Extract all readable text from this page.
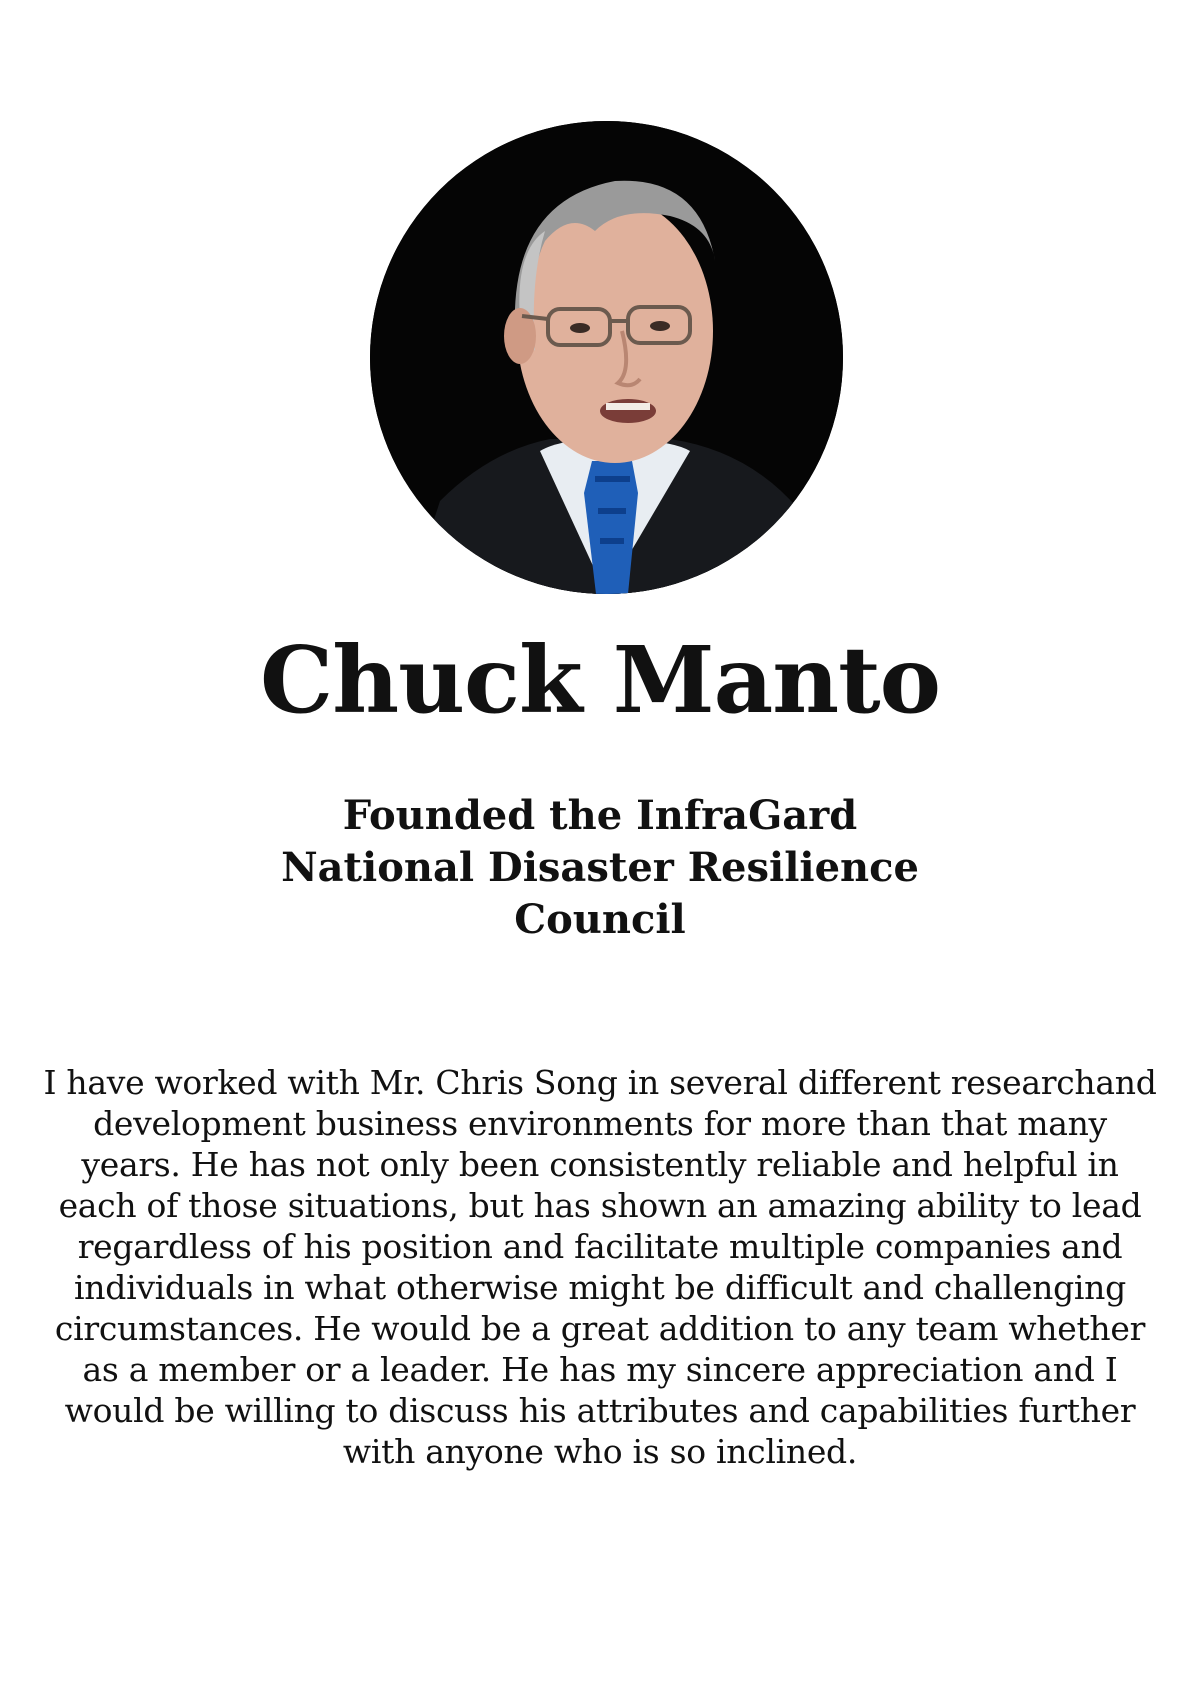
Chuck Manto
Founded the InfraGard National Disaster Resilience Council

I have worked with Mr. Chris Song in several different researchand development business environments for more than that many years. He has not only been consistently reliable and helpful in each of those situations, but has shown an amazing ability to lead regardless of his position and facilitate multiple companies and individuals in what otherwise might be difficult and challenging circumstances. He would be a great addition to any team whether as a member or a leader. He has my sincere appreciation and I would be willing to discuss his attributes and capabilities further with anyone who is so inclined.
